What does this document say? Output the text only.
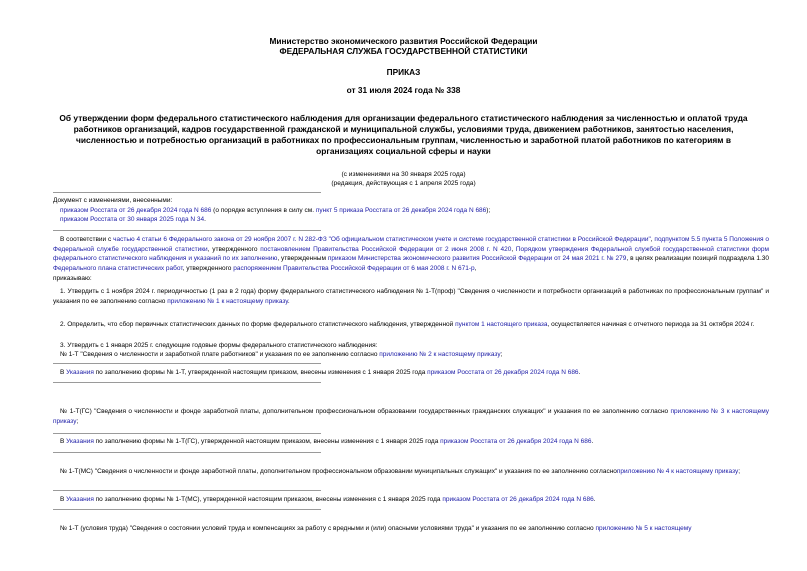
Министерство экономического развития Российской Федерации
ФЕДЕРАЛЬНАЯ СЛУЖБА ГОСУДАРСТВЕННОЙ СТАТИСТИКИ
ПРИКАЗ
от 31 июля 2024 года № 338
Об утверждении форм федерального статистического наблюдения для организации федерального статистического наблюдения за численностью и оплатой труда работников организаций, кадров государственной гражданской и муниципальной службы, условиями труда, движением работников, занятостью населения, численностью и потребностью организаций в работниках по профессиональным группам, численностью и заработной платой работников по категориям в организациях социальной сферы и науки
(с изменениями на 30 января 2025 года)
(редакция, действующая с 1 апреля 2025 года)
Документ с изменениями, внесенными:
приказом Росстата от 26 декабря 2024 года N 686 (о порядке вступления в силу см. пункт 5 приказа Росстата от 26 декабря 2024 года N 686);
приказом Росстата от 30 января 2025 года N 34.
В соответствии с частью 4 статьи 6 Федерального закона от 29 ноября 2007 г. N 282-ФЗ "Об официальном статистическом учете и системе государственной статистики в Российской Федерации", подпунктом 5.5 пункта 5 Положения о Федеральной службе государственной статистики, утвержденного постановлением Правительства Российской Федерации от 2 июня 2008 г. N 420, Порядком утверждения Федеральной службой государственной статистики форм федерального статистического наблюдения и указаний по их заполнению, утвержденным приказом Министерства экономического развития Российской Федерации от 24 мая 2021 г. № 279, в целях реализации позиций подраздела 1.30 Федерального плана статистических работ, утвержденного распоряжением Правительства Российской Федерации от 6 мая 2008 г. N 671-р,
приказываю:
1. Утвердить с 1 ноября 2024 г. периодичностью (1 раз в 2 года) форму федерального статистического наблюдения № 1-Т(проф) "Сведения о численности и потребности организаций в работниках по профессиональным группам" и указания по ее заполнению согласно приложению № 1 к настоящему приказу.
2. Определить, что сбор первичных статистических данных по форме федерального статистического наблюдения, утвержденной пунктом 1 настоящего приказа, осуществляется начиная с отчетного периода за 31 октября 2024 г.
3. Утвердить с 1 января 2025 г. следующие годовые формы федерального статистического наблюдения:
№ 1-Т "Сведения о численности и заработной плате работников" и указания по ее заполнению согласно приложению № 2 к настоящему приказу;
В Указания по заполнению формы № 1-Т, утвержденной настоящим приказом, внесены изменения с 1 января 2025 года приказом Росстата от 26 декабря 2024 года N 686.
№ 1-Т(ГС) "Сведения о численности и фонде заработной платы, дополнительном профессиональном образовании государственных гражданских служащих" и указания по ее заполнению согласно приложению № 3 к настоящему приказу;
В Указания по заполнению формы № 1-Т(ГС), утвержденной настоящим приказом, внесены изменения с 1 января 2025 года приказом Росстата от 26 декабря 2024 года N 686.
№ 1-Т(МС) "Сведения о численности и фонде заработной платы, дополнительном профессиональном образовании муниципальных служащих" и указания по ее заполнению согласноприложению № 4 к настоящему приказу;
В Указания по заполнению формы № 1-Т(МС), утвержденной настоящим приказом, внесены изменения с 1 января 2025 года приказом Росстата от 26 декабря 2024 года N 686.
№ 1-Т (условия труда) "Сведения о состоянии условий труда и компенсациях за работу с вредными и (или) опасными условиями труда" и указания по ее заполнению согласно приложению № 5 к настоящему
